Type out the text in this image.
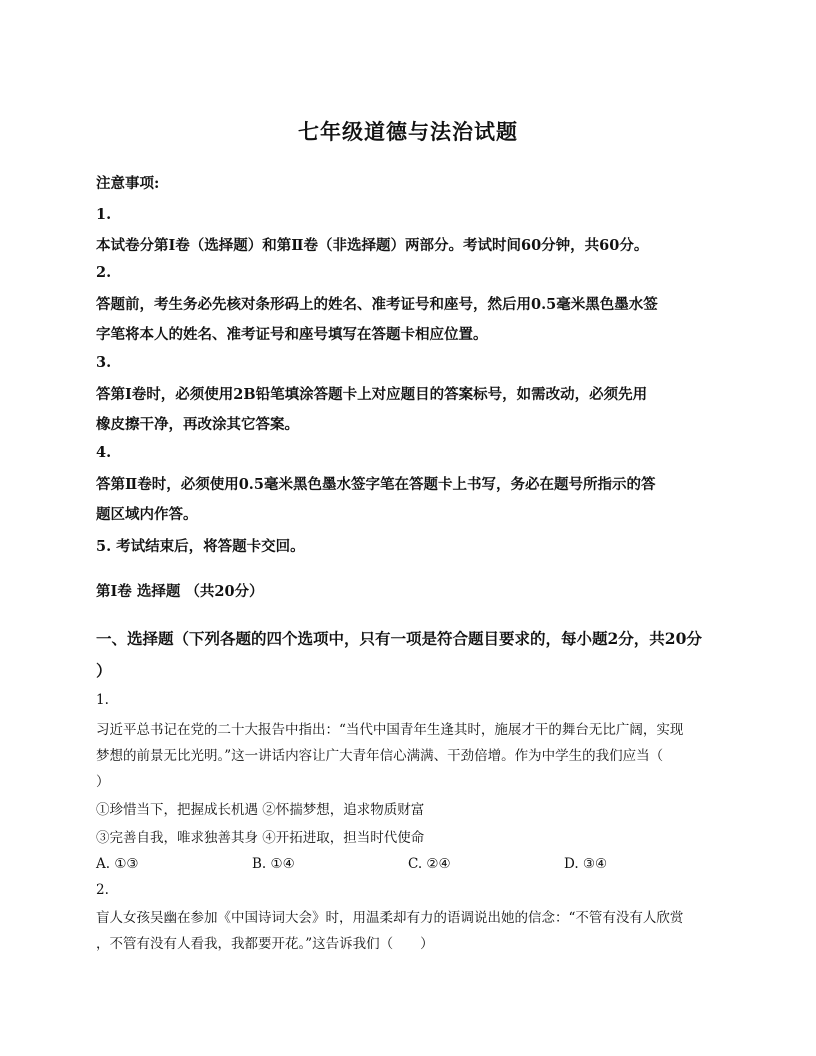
七年级道德与法治试题
注意事项:
1.
本试卷分第Ⅰ卷（选择题）和第Ⅱ卷（非选择题）两部分。考试时间60分钟，共60分。
2.
答题前，考生务必先核对条形码上的姓名、准考证号和座号，然后用0.5毫米黑色墨水签
字笔将本人的姓名、准考证号和座号填写在答题卡相应位置。
3.
答第Ⅰ卷时，必须使用2B铅笔填涂答题卡上对应题目的答案标号，如需改动，必须先用
橡皮擦干净，再改涂其它答案。
4.
答第Ⅱ卷时，必须使用0.5毫米黑色墨水签字笔在答题卡上书写，务必在题号所指示的答
题区域内作答。
5. 考试结束后，将答题卡交回。
第Ⅰ卷 选择题 （共20分）
一、选择题（下列各题的四个选项中，只有一项是符合题目要求的，每小题2分，共20分
）
1.
习近平总书记在党的二十大报告中指出：“当代中国青年生逢其时，施展才干的舞台无比广阔，实现
梦想的前景无比光明。”这一讲话内容让广大青年信心满满、干劲倍增。作为中学生的我们应当（
）
①珍惜当下，把握成长机遇 ②怀揣梦想，追求物质财富
③完善自我，唯求独善其身 ④开拓进取，担当时代使命
A. ①③	B. ①④	C. ②④	D. ③④
2.
盲人女孩吴幽在参加《中国诗词大会》时，用温柔却有力的语调说出她的信念：“不管有没有人欣赏
，不管有没有人看我，我都要开花。”这告诉我们（　　）
